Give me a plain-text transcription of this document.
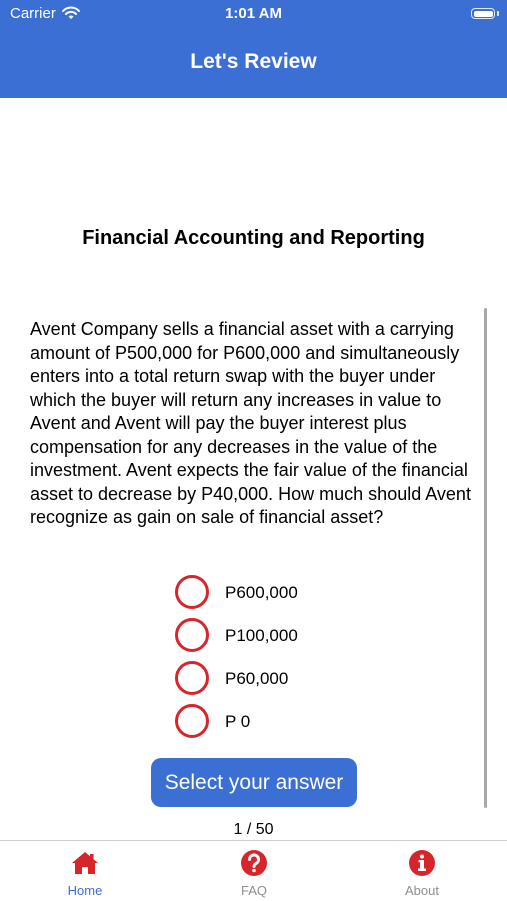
Carrier	1:01 AM
Let's Review
Financial Accounting and Reporting
Avent Company sells a financial asset with a carrying amount of P500,000 for P600,000 and simultaneously enters into a total return swap with the buyer under which the buyer will return any increases in value to Avent and Avent will pay the buyer interest plus compensation for any decreases in the value of the investment. Avent expects the fair value of the financial asset to decrease by P40,000. How much should Avent recognize as gain on sale of financial asset?
P600,000
P100,000
P60,000
P 0
Select your answer
1 / 50
Home	FAQ	About
